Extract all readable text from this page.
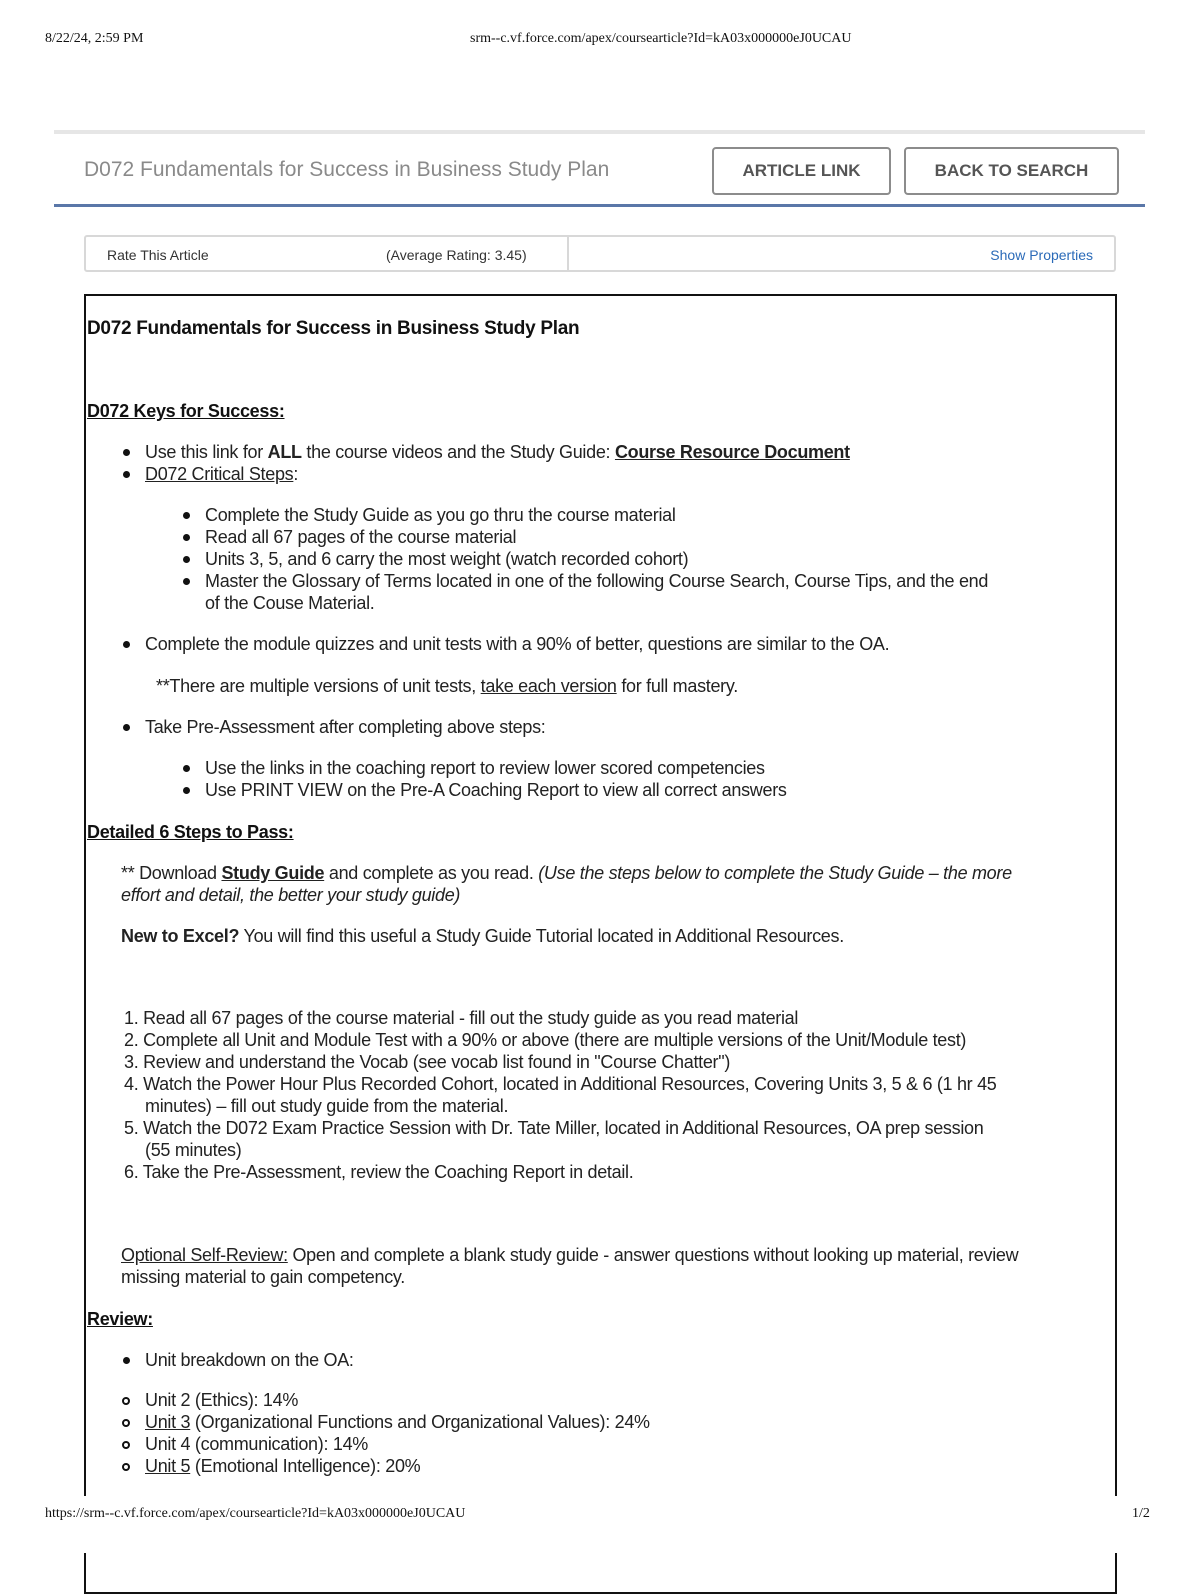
8/22/24, 2:59 PM	srm--c.vf.force.com/apex/coursearticle?Id=kA03x000000eJ0UCAU
D072 Fundamentals for Success in Business Study Plan	ARTICLE LINK	BACK TO SEARCH
Rate This Article	(Average Rating: 3.45)	Show Properties
D072 Fundamentals for Success in Business Study Plan
D072 Keys for Success:
Use this link for ALL the course videos and the Study Guide: Course Resource Document
D072 Critical Steps:
Complete the Study Guide as you go thru the course material
Read all 67 pages of the course material
Units 3, 5, and 6 carry the most weight (watch recorded cohort)
Master the Glossary of Terms located in one of the following Course Search, Course Tips, and the end
of the Couse Material.
Complete the module quizzes and unit tests with a 90% of better, questions are similar to the OA.
**There are multiple versions of unit tests, take each version for full mastery.
Take Pre-Assessment after completing above steps:
Use the links in the coaching report to review lower scored competencies
Use PRINT VIEW on the Pre-A Coaching Report to view all correct answers
Detailed 6 Steps to Pass:
** Download Study Guide and complete as you read. (Use the steps below to complete the Study Guide – the more
effort and detail, the better your study guide)
New to Excel? You will find this useful a Study Guide Tutorial located in Additional Resources.
1. Read all 67 pages of the course material - fill out the study guide as you read material
2. Complete all Unit and Module Test with a 90% or above (there are multiple versions of the Unit/Module test)
3. Review and understand the Vocab (see vocab list found in "Course Chatter")
4. Watch the Power Hour Plus Recorded Cohort, located in Additional Resources, Covering Units 3, 5 & 6 (1 hr 45
minutes) – fill out study guide from the material.
5. Watch the D072 Exam Practice Session with Dr. Tate Miller, located in Additional Resources, OA prep session
(55 minutes)
6. Take the Pre-Assessment, review the Coaching Report in detail.
Optional Self-Review: Open and complete a blank study guide - answer questions without looking up material, review
missing material to gain competency.
Review:
Unit breakdown on the OA:
Unit 2 (Ethics): 14%
Unit 3 (Organizational Functions and Organizational Values): 24%
Unit 4 (communication): 14%
Unit 5 (Emotional Intelligence): 20%
https://srm--c.vf.force.com/apex/coursearticle?Id=kA03x000000eJ0UCAU	1/2
